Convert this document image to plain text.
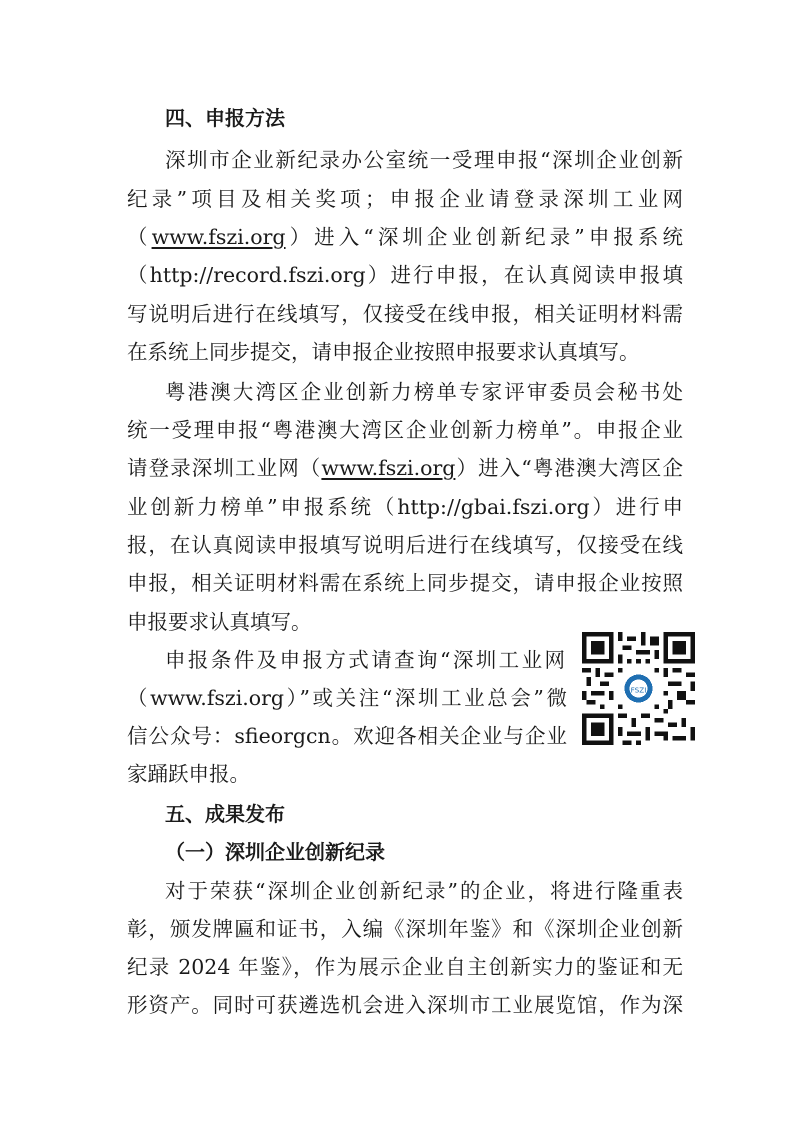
四、申报方法

深圳市企业新纪录办公室统一受理申报“深圳企业创新

纪录”项目及相关奖项；申报企业请登录深圳工业网

（www.fszi.org）进入“深圳企业创新纪录”申报系统

（http://record.fszi.org）进行申报，在认真阅读申报填

写说明后进行在线填写，仅接受在线申报，相关证明材料需

在系统上同步提交，请申报企业按照申报要求认真填写。

粤港澳大湾区企业创新力榜单专家评审委员会秘书处

统一受理申报“粤港澳大湾区企业创新力榜单”。申报企业

请登录深圳工业网（www.fszi.org）进入“粤港澳大湾区企

业创新力榜单”申报系统（http://gbai.fszi.org）进行申

报，在认真阅读申报填写说明后进行在线填写，仅接受在线

申报，相关证明材料需在系统上同步提交，请申报企业按照

申报要求认真填写。

申报条件及申报方式请查询“深圳工业网

（www.fszi.org）”或关注“深圳工业总会”微

信公众号：sfieorgcn。欢迎各相关企业与企业

家踊跃申报。

FSZI

五、成果发布

（一）深圳企业创新纪录

对于荣获“深圳企业创新纪录”的企业，将进行隆重表

彰，颁发牌匾和证书，入编《深圳年鉴》和《深圳企业创新

纪录 2024 年鉴》，作为展示企业自主创新实力的鉴证和无

形资产。同时可获遴选机会进入深圳市工业展览馆，作为深
